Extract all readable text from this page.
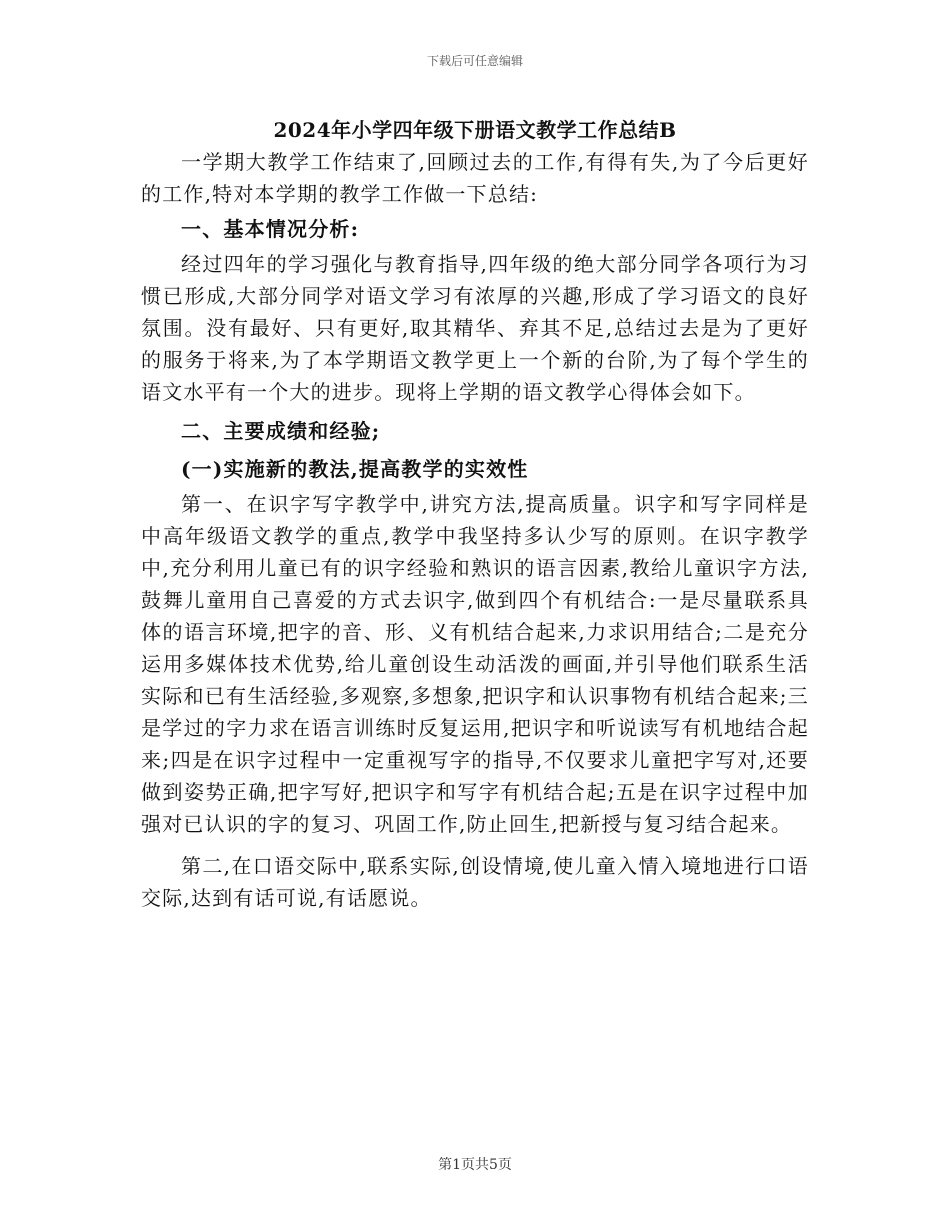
下载后可任意编辑
2024年小学四年级下册语文教学工作总结B

一学期大教学工作结束了,回顾过去的工作,有得有失,为了今后更好的工作,特对本学期的教学工作做一下总结:

一、基本情况分析:

经过四年的学习强化与教育指导,四年级的绝大部分同学各项行为习惯已形成,大部分同学对语文学习有浓厚的兴趣,形成了学习语文的良好氛围。没有最好、只有更好,取其精华、弃其不足,总结过去是为了更好的服务于将来,为了本学期语文教学更上一个新的台阶,为了每个学生的语文水平有一个大的进步。现将上学期的语文教学心得体会如下。

二、主要成绩和经验;

(一)实施新的教法,提高教学的实效性

第一、在识字写字教学中,讲究方法,提高质量。识字和写字同样是中高年级语文教学的重点,教学中我坚持多认少写的原则。在识字教学中,充分利用儿童已有的识字经验和熟识的语言因素,教给儿童识字方法,鼓舞儿童用自己喜爱的方式去识字,做到四个有机结合:一是尽量联系具体的语言环境,把字的音、形、义有机结合起来,力求识用结合;二是充分运用多媒体技术优势,给儿童创设生动活泼的画面,并引导他们联系生活实际和已有生活经验,多观察,多想象,把识字和认识事物有机结合起来;三是学过的字力求在语言训练时反复运用,把识字和听说读写有机地结合起来;四是在识字过程中一定重视写字的指导,不仅要求儿童把字写对,还要做到姿势正确,把字写好,把识字和写字有机结合起;五是在识字过程中加强对已认识的字的复习、巩固工作,防止回生,把新授与复习结合起来。

第二,在口语交际中,联系实际,创设情境,使儿童入情入境地进行口语交际,达到有话可说,有话愿说。

第1页共5页
